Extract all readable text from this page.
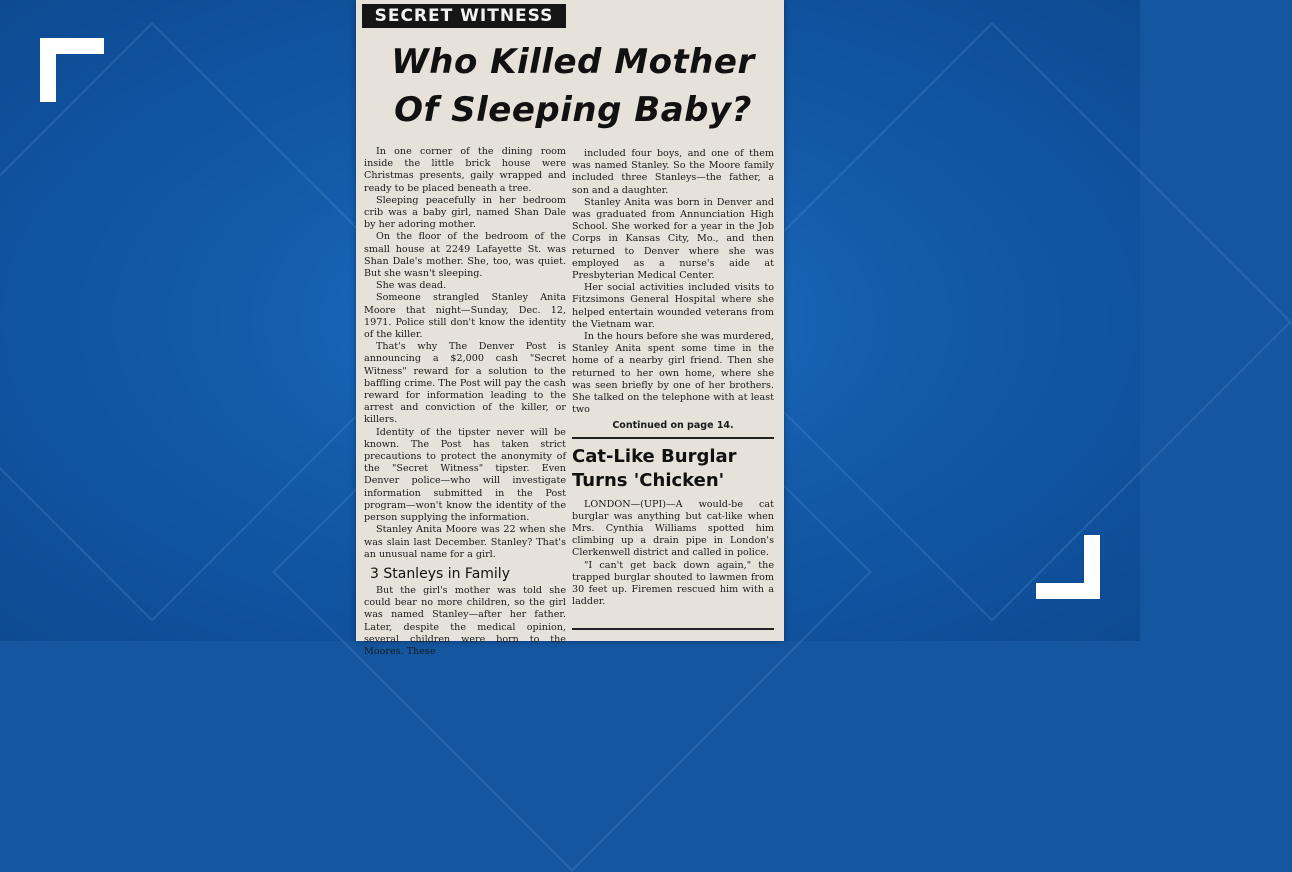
SECRET WITNESS
Who Killed Mother
Of Sleeping Baby?

In one corner of the dining room inside the little brick house were Christmas presents, gaily wrapped and ready to be placed beneath a tree.

Sleeping peacefully in her bedroom crib was a baby girl, named Shan Dale by her adoring mother.

On the floor of the bedroom of the small house at 2249 Lafayette St. was Shan Dale's mother. She, too, was quiet. But she wasn't sleeping.

She was dead.

Someone strangled Stanley Anita Moore that night—Sunday, Dec. 12, 1971. Police still don't know the identity of the killer.

That's why The Denver Post is announcing a $2,000 cash "Secret Witness" reward for a solution to the baffling crime. The Post will pay the cash reward for information leading to the arrest and conviction of the killer, or killers.

Identity of the tipster never will be known. The Post has taken strict precautions to protect the anonymity of the "Secret Witness" tipster. Even Denver police—who will investigate information submitted in the Post program—won't know the identity of the person supplying the information.

Stanley Anita Moore was 22 when she was slain last December. Stanley? That's an unusual name for a girl.

3 Stanleys in Family

But the girl's mother was told she could bear no more children, so the girl was named Stanley—after her father. Later, despite the medical opinion, several children were born to the Moores. These

included four boys, and one of them was named Stanley. So the Moore family included three Stanleys—the father, a son and a daughter.

Stanley Anita was born in Denver and was graduated from Annunciation High School. She worked for a year in the Job Corps in Kansas City, Mo., and then returned to Denver where she was employed as a nurse's aide at Presbyterian Medical Center.

Her social activities included visits to Fitzsimons General Hospital where she helped entertain wounded veterans from the Vietnam war.

In the hours before she was murdered, Stanley Anita spent some time in the home of a nearby girl friend. Then she returned to her own home, where she was seen briefly by one of her brothers. She talked on the telephone with at least two

Continued on page 14.
Cat-Like Burglar
Turns 'Chicken'

LONDON—(UPI)—A would-be cat burglar was anything but cat-like when Mrs. Cynthia Williams spotted him climbing up a drain pipe in London's Clerkenwell district and called in police.

"I can't get back down again," the trapped burglar shouted to lawmen from 30 feet up. Firemen rescued him with a ladder.
